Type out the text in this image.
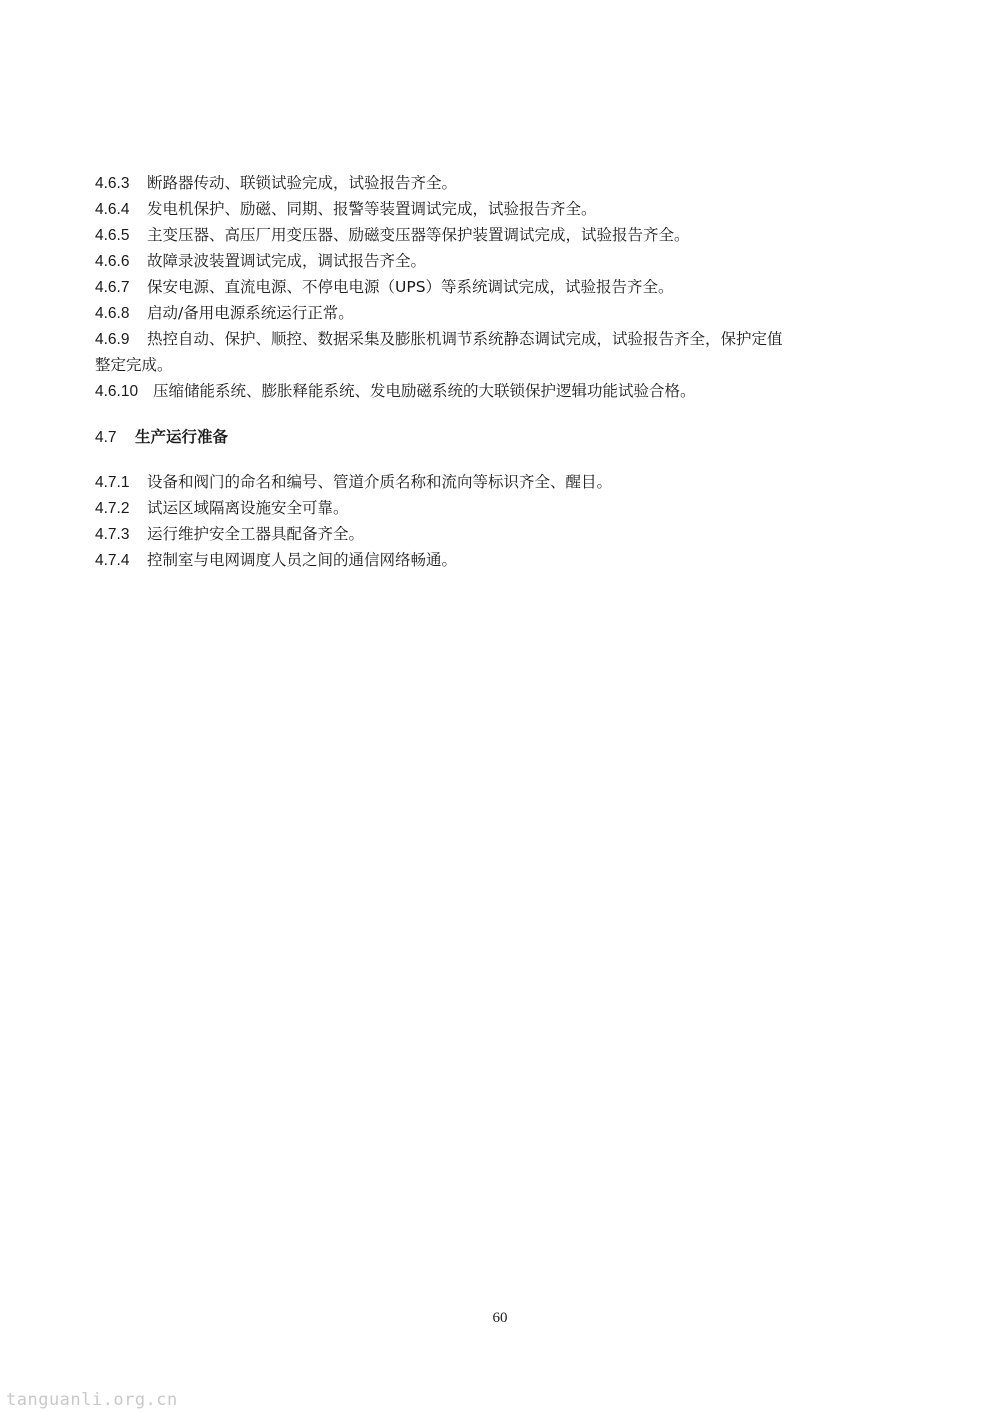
4.6.3 断路器传动、联锁试验完成，试验报告齐全。
4.6.4 发电机保护、励磁、同期、报警等装置调试完成，试验报告齐全。
4.6.5 主变压器、高压厂用变压器、励磁变压器等保护装置调试完成，试验报告齐全。
4.6.6 故障录波装置调试完成，调试报告齐全。
4.6.7 保安电源、直流电源、不停电电源（UPS）等系统调试完成，试验报告齐全。
4.6.8 启动/备用电源系统运行正常。
4.6.9 热控自动、保护、顺控、数据采集及膨胀机调节系统静态调试完成，试验报告齐全，保护定值
整定完成。
4.6.10 压缩储能系统、膨胀释能系统、发电励磁系统的大联锁保护逻辑功能试验合格。
4.7 生产运行准备
4.7.1 设备和阀门的命名和编号、管道介质名称和流向等标识齐全、醒目。
4.7.2 试运区域隔离设施安全可靠。
4.7.3 运行维护安全工器具配备齐全。
4.7.4 控制室与电网调度人员之间的通信网络畅通。
60
tanguanli.org.cn
